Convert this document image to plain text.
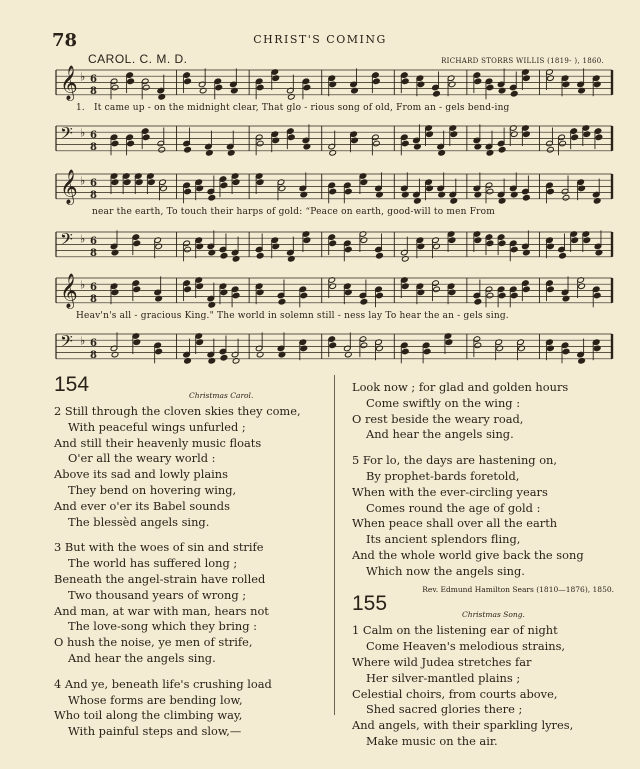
78	CHRIST'S COMING
CAROL. C. M. D.	RICHARD STORRS WILLIS (1819- ), 1860.
𝄞 ♭ 6
8
𝄢 ♭ 6
8
1. It came up - on the midnight clear, That glo - rious song of old, From an - gels bend-ing
𝄞 ♭ 6
8
𝄢 ♭ 6
8
near the earth, To touch their harps of gold: “Peace on earth, good-will to men From
𝄞 ♭ 6
8
𝄢 ♭ 6
8
Heav'n's all - gracious King." The world in solemn still - ness lay To hear the an - gels sing.
154	Christmas Carol.
2 Still through the cloven skies they come,
With peaceful wings unfurled ;
And still their heavenly music floats
O'er all the weary world :
Above its sad and lowly plains
They bend on hovering wing,
And ever o'er its Babel sounds
The blessèd angels sing.
3 But with the woes of sin and strife
The world has suffered long ;
Beneath the angel-strain have rolled
Two thousand years of wrong ;
And man, at war with man, hears not
The love-song which they bring :
O hush the noise, ye men of strife,
And hear the angels sing.
4 And ye, beneath life's crushing load
Whose forms are bending low,
Who toil along the climbing way,
With painful steps and slow,—
Look now ; for glad and golden hours
Come swiftly on the wing :
O rest beside the weary road,
And hear the angels sing.
5 For lo, the days are hastening on,
By prophet-bards foretold,
When with the ever-circling years
Comes round the age of gold :
When peace shall over all the earth
Its ancient splendors fling,
And the whole world give back the song
Which now the angels sing.
Rev. Edmund Hamilton Sears (1810—1876), 1850.
155	Christmas Song.
1 Calm on the listening ear of night
Come Heaven's melodious strains,
Where wild Judea stretches far
Her silver-mantled plains ;
Celestial choirs, from courts above,
Shed sacred glories there ;
And angels, with their sparkling lyres,
Make music on the air.
